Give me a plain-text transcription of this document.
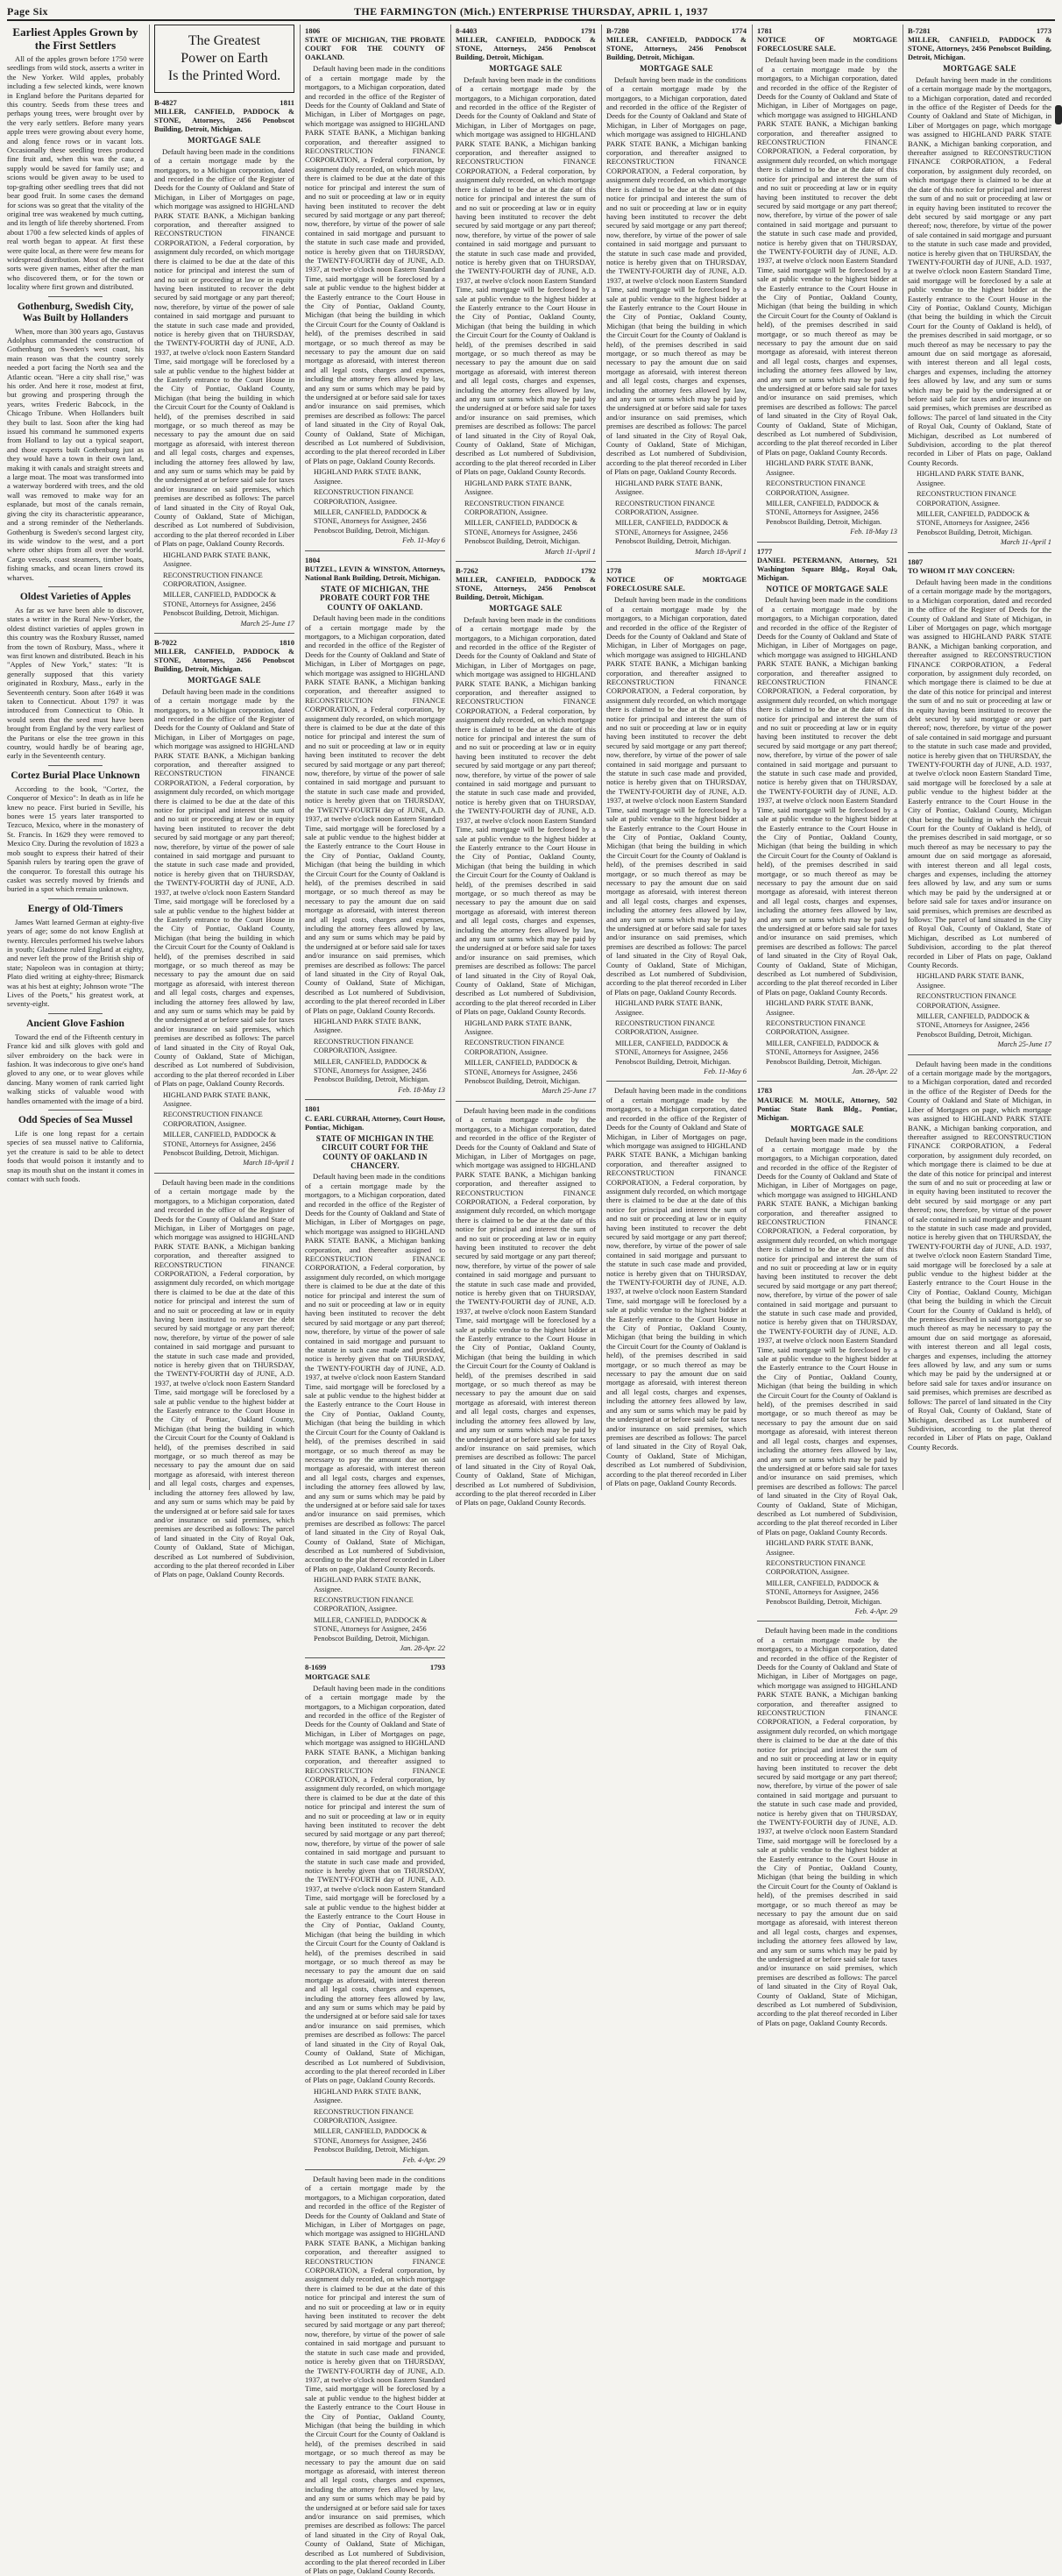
Page Six	THE FARMINGTON (Mich.) ENTERPRISE THURSDAY, APRIL 1, 1937
Earliest Apples Grown by the First Settlers
All of the apples grown before 1750 were seedlings from wild stock, asserts a writer in the New Yorker. Wild apples, probably including a few selected kinds, were known in England before the Puritans departed for this country. Seeds from these trees and perhaps young trees, were brought over by the very early settlers. Before many years apple trees were growing about every home, and along fence rows or in vacant lots. Occasionally these seedling trees produced fine fruit and, when this was the case, a supply would be saved for family use; and scions would be given away to be used to top-grafting other seedling trees that did not bear good fruit. In some cases the demand for scions was so great that the vitality of the original tree was weakened by much cutting, and its length of life thereby shortened. From about 1700 a few selected kinds of apples of real worth began to appear. At first these were quite local, as there were few means for widespread distribution. Most of the earliest sorts were given names, either after the man who discovered them, or for the town or locality where first grown and distributed.
Gothenburg, Swedish City, Was Built by Hollanders
When, more than 300 years ago, Gustavus Adolphus commanded the construction of Gothenburg on Sweden's west coast, his main reason was that the country sorely needed a port facing the North sea and the Atlantic ocean. "Here a city shall rise," was his order. And here it rose, modest at first, but growing and prospering through the years, writes Frederic Babcock, in the Chicago Tribune. When Hollanders built they built to last. Soon after the king had issued his command he summoned experts from Holland to lay out a typical seaport, and those experts built Gothenburg just as they would have a town in their own land, making it with canals and straight streets and a large moat. The moat was transformed into a waterway bordered with trees, and the old wall was removed to make way for an esplanade, but most of the canals remain, giving the city its characteristic appearance, and a strong reminder of the Netherlands. Gothenburg is Sweden's second largest city, its wide window to the west, and a port where other ships from all over the world. Cargo vessels, coast steamers, timber boats, fishing smacks, and ocean liners crowd its wharves.
Oldest Varieties of Apples
As far as we have been able to discover, states a writer in the Rural New-Yorker, the oldest distinct varieties of apples grown in this country was the Roxbury Russet, named from the town of Roxbury, Mass., where it was first known and distributed. Beach in his "Apples of New York," states: "It is generally supposed that this variety originated in Roxbury, Mass., early in the Seventeenth century. Soon after 1649 it was taken to Connecticut. About 1797 it was introduced from Connecticut to Ohio. It would seem that the seed must have been brought from England by the very earliest of the Puritans or else the tree grown in this country, would hardly be of bearing age, early in the Seventeenth century.
Cortez Burial Place Unknown
According to the book, "Cortez, the Conqueror of Mexico": In death as in life he knew no peace. First buried in Seville, his bones were 15 years later transported to Tezcuco, Mexico, where in the monastery of St. Francis. In 1629 they were removed to Mexico City. During the revolution of 1823 a mob sought to express their hatred of their Spanish rulers by tearing open the grave of the conqueror. To forestall this outrage his casket was secretly moved by friends and buried in a spot which remain unknown.
Energy of Old-Timers
James Watt learned German at eighty-five years of age; some do not know English at twenty. Hercules performed his twelve labors in youth; Gladstone ruled England at eighty, and never left the prow of the British ship of state; Napoleon was in contagion at thirty; Plato died writing at eighty-three; Bismarck was at his best at eighty; Johnson wrote "The Lives of the Poets," his greatest work, at seventy-eight.
Ancient Glove Fashion
Toward the end of the Fifteenth century in France kid and silk gloves with gold and silver embroidery on the back were in fashion. It was indecorous to give one's hand gloved to any one, or to wear gloves while dancing. Many women of rank carried light walking sticks of valuable wood with handles ornamented with the image of a bird.
Odd Species of Sea Mussel
Life is one long repast for a certain species of sea mussel native to California, yet the creature is said to be able to detect foods that would poison it instantly and to snap its mouth shut on the instant it comes in contact with such foods.
The Greatest
Power on Earth
Is the Printed Word.
B-4827	1811
MILLER, CANFIELD, PADDOCK & STONE, Attorneys, 2456 Penobscot Building, Detroit, Michigan.
MORTGAGE SALE
Default having been made in the conditions of a certain mortgage made by the mortgagors, to a Michigan corporation, dated and recorded in the office of the Register of Deeds for the County of Oakland and State of Michigan, in Liber of Mortgages on page, which mortgage was assigned to HIGHLAND PARK STATE BANK, a Michigan banking corporation, and thereafter assigned to RECONSTRUCTION FINANCE CORPORATION, a Federal corporation, by assignment duly recorded, on which mortgage there is claimed to be due at the date of this notice for principal and interest the sum of and no suit or proceeding at law or in equity having been instituted to recover the debt secured by said mortgage or any part thereof; now, therefore, by virtue of the power of sale contained in said mortgage and pursuant to the statute in such case made and provided, notice is hereby given that on THURSDAY, the TWENTY-FOURTH day of JUNE, A.D. 1937, at twelve o'clock noon Eastern Standard Time, said mortgage will be foreclosed by a sale at public vendue to the highest bidder at the Easterly entrance to the Court House in the City of Pontiac, Oakland County, Michigan (that being the building in which the Circuit Court for the County of Oakland is held), of the premises described in said mortgage, or so much thereof as may be necessary to pay the amount due on said mortgage as aforesaid, with interest thereon and all legal costs, charges and expenses, including the attorney fees allowed by law, and any sum or sums which may be paid by the undersigned at or before said sale for taxes and/or insurance on said premises, which premises are described as follows: The parcel of land situated in the City of Royal Oak, County of Oakland, State of Michigan, described as Lot numbered of Subdivision, according to the plat thereof recorded in Liber of Plats on page, Oakland County Records.
HIGHLAND PARK STATE BANK, Assignee.
RECONSTRUCTION FINANCE CORPORATION, Assignee.
MILLER, CANFIELD, PADDOCK & STONE, Attorneys for Assignee, 2456 Penobscot Building, Detroit, Michigan.
March 25-June 17
B-7022	1810
MILLER, CANFIELD, PADDOCK & STONE, Attorneys, 2456 Penobscot Building, Detroit, Michigan.
MORTGAGE SALE
Default having been made in the conditions of a certain mortgage made by the mortgagors, to a Michigan corporation, dated and recorded in the office of the Register of Deeds for the County of Oakland and State of Michigan, in Liber of Mortgages on page, which mortgage was assigned to HIGHLAND PARK STATE BANK, a Michigan banking corporation, and thereafter assigned to RECONSTRUCTION FINANCE CORPORATION, a Federal corporation, by assignment duly recorded, on which mortgage there is claimed to be due at the date of this notice for principal and interest the sum of and no suit or proceeding at law or in equity having been instituted to recover the debt secured by said mortgage or any part thereof; now, therefore, by virtue of the power of sale contained in said mortgage and pursuant to the statute in such case made and provided, notice is hereby given that on THURSDAY, the TWENTY-FOURTH day of JUNE, A.D. 1937, at twelve o'clock noon Eastern Standard Time, said mortgage will be foreclosed by a sale at public vendue to the highest bidder at the Easterly entrance to the Court House in the City of Pontiac, Oakland County, Michigan (that being the building in which the Circuit Court for the County of Oakland is held), of the premises described in said mortgage, or so much thereof as may be necessary to pay the amount due on said mortgage as aforesaid, with interest thereon and all legal costs, charges and expenses, including the attorney fees allowed by law, and any sum or sums which may be paid by the undersigned at or before said sale for taxes and/or insurance on said premises, which premises are described as follows: The parcel of land situated in the City of Royal Oak, County of Oakland, State of Michigan, described as Lot numbered of Subdivision, according to the plat thereof recorded in Liber of Plats on page, Oakland County Records.
HIGHLAND PARK STATE BANK, Assignee.
RECONSTRUCTION FINANCE CORPORATION, Assignee.
MILLER, CANFIELD, PADDOCK & STONE, Attorneys for Assignee, 2456 Penobscot Building, Detroit, Michigan.
March 18-April 1
Default having been made in the conditions of a certain mortgage made by the mortgagors, to a Michigan corporation, dated and recorded in the office of the Register of Deeds for the County of Oakland and State of Michigan, in Liber of Mortgages on page, which mortgage was assigned to HIGHLAND PARK STATE BANK, a Michigan banking corporation, and thereafter assigned to RECONSTRUCTION FINANCE CORPORATION, a Federal corporation, by assignment duly recorded, on which mortgage there is claimed to be due at the date of this notice for principal and interest the sum of and no suit or proceeding at law or in equity having been instituted to recover the debt secured by said mortgage or any part thereof; now, therefore, by virtue of the power of sale contained in said mortgage and pursuant to the statute in such case made and provided, notice is hereby given that on THURSDAY, the TWENTY-FOURTH day of JUNE, A.D. 1937, at twelve o'clock noon Eastern Standard Time, said mortgage will be foreclosed by a sale at public vendue to the highest bidder at the Easterly entrance to the Court House in the City of Pontiac, Oakland County, Michigan (that being the building in which the Circuit Court for the County of Oakland is held), of the premises described in said mortgage, or so much thereof as may be necessary to pay the amount due on said mortgage as aforesaid, with interest thereon and all legal costs, charges and expenses, including the attorney fees allowed by law, and any sum or sums which may be paid by the undersigned at or before said sale for taxes and/or insurance on said premises, which premises are described as follows: The parcel of land situated in the City of Royal Oak, County of Oakland, State of Michigan, described as Lot numbered of Subdivision, according to the plat thereof recorded in Liber of Plats on page, Oakland County Records.
1806
STATE OF MICHIGAN, THE PROBATE COURT FOR THE COUNTY OF OAKLAND.
Default having been made in the conditions of a certain mortgage made by the mortgagors, to a Michigan corporation, dated and recorded in the office of the Register of Deeds for the County of Oakland and State of Michigan, in Liber of Mortgages on page, which mortgage was assigned to HIGHLAND PARK STATE BANK, a Michigan banking corporation, and thereafter assigned to RECONSTRUCTION FINANCE CORPORATION, a Federal corporation, by assignment duly recorded, on which mortgage there is claimed to be due at the date of this notice for principal and interest the sum of and no suit or proceeding at law or in equity having been instituted to recover the debt secured by said mortgage or any part thereof; now, therefore, by virtue of the power of sale contained in said mortgage and pursuant to the statute in such case made and provided, notice is hereby given that on THURSDAY, the TWENTY-FOURTH day of JUNE, A.D. 1937, at twelve o'clock noon Eastern Standard Time, said mortgage will be foreclosed by a sale at public vendue to the highest bidder at the Easterly entrance to the Court House in the City of Pontiac, Oakland County, Michigan (that being the building in which the Circuit Court for the County of Oakland is held), of the premises described in said mortgage, or so much thereof as may be necessary to pay the amount due on said mortgage as aforesaid, with interest thereon and all legal costs, charges and expenses, including the attorney fees allowed by law, and any sum or sums which may be paid by the undersigned at or before said sale for taxes and/or insurance on said premises, which premises are described as follows: The parcel of land situated in the City of Royal Oak, County of Oakland, State of Michigan, described as Lot numbered of Subdivision, according to the plat thereof recorded in Liber of Plats on page, Oakland County Records.
HIGHLAND PARK STATE BANK, Assignee.
RECONSTRUCTION FINANCE CORPORATION, Assignee.
MILLER, CANFIELD, PADDOCK & STONE, Attorneys for Assignee, 2456 Penobscot Building, Detroit, Michigan.
Feb. 11-May 6
1804
BUTZEL, LEVIN & WINSTON, Attorneys, National Bank Building, Detroit, Michigan.
STATE OF MICHIGAN, THE PROBATE COURT FOR THE COUNTY OF OAKLAND.
Default having been made in the conditions of a certain mortgage made by the mortgagors, to a Michigan corporation, dated and recorded in the office of the Register of Deeds for the County of Oakland and State of Michigan, in Liber of Mortgages on page, which mortgage was assigned to HIGHLAND PARK STATE BANK, a Michigan banking corporation, and thereafter assigned to RECONSTRUCTION FINANCE CORPORATION, a Federal corporation, by assignment duly recorded, on which mortgage there is claimed to be due at the date of this notice for principal and interest the sum of and no suit or proceeding at law or in equity having been instituted to recover the debt secured by said mortgage or any part thereof; now, therefore, by virtue of the power of sale contained in said mortgage and pursuant to the statute in such case made and provided, notice is hereby given that on THURSDAY, the TWENTY-FOURTH day of JUNE, A.D. 1937, at twelve o'clock noon Eastern Standard Time, said mortgage will be foreclosed by a sale at public vendue to the highest bidder at the Easterly entrance to the Court House in the City of Pontiac, Oakland County, Michigan (that being the building in which the Circuit Court for the County of Oakland is held), of the premises described in said mortgage, or so much thereof as may be necessary to pay the amount due on said mortgage as aforesaid, with interest thereon and all legal costs, charges and expenses, including the attorney fees allowed by law, and any sum or sums which may be paid by the undersigned at or before said sale for taxes and/or insurance on said premises, which premises are described as follows: The parcel of land situated in the City of Royal Oak, County of Oakland, State of Michigan, described as Lot numbered of Subdivision, according to the plat thereof recorded in Liber of Plats on page, Oakland County Records.
HIGHLAND PARK STATE BANK, Assignee.
RECONSTRUCTION FINANCE CORPORATION, Assignee.
MILLER, CANFIELD, PADDOCK & STONE, Attorneys for Assignee, 2456 Penobscot Building, Detroit, Michigan.
Feb. 18-May 13
1801
C. EARL CURRAH, Attorney, Court House, Pontiac, Michigan.
STATE OF MICHIGAN IN THE CIRCUIT COURT FOR THE COUNTY OF OAKLAND IN CHANCERY.
Default having been made in the conditions of a certain mortgage made by the mortgagors, to a Michigan corporation, dated and recorded in the office of the Register of Deeds for the County of Oakland and State of Michigan, in Liber of Mortgages on page, which mortgage was assigned to HIGHLAND PARK STATE BANK, a Michigan banking corporation, and thereafter assigned to RECONSTRUCTION FINANCE CORPORATION, a Federal corporation, by assignment duly recorded, on which mortgage there is claimed to be due at the date of this notice for principal and interest the sum of and no suit or proceeding at law or in equity having been instituted to recover the debt secured by said mortgage or any part thereof; now, therefore, by virtue of the power of sale contained in said mortgage and pursuant to the statute in such case made and provided, notice is hereby given that on THURSDAY, the TWENTY-FOURTH day of JUNE, A.D. 1937, at twelve o'clock noon Eastern Standard Time, said mortgage will be foreclosed by a sale at public vendue to the highest bidder at the Easterly entrance to the Court House in the City of Pontiac, Oakland County, Michigan (that being the building in which the Circuit Court for the County of Oakland is held), of the premises described in said mortgage, or so much thereof as may be necessary to pay the amount due on said mortgage as aforesaid, with interest thereon and all legal costs, charges and expenses, including the attorney fees allowed by law, and any sum or sums which may be paid by the undersigned at or before said sale for taxes and/or insurance on said premises, which premises are described as follows: The parcel of land situated in the City of Royal Oak, County of Oakland, State of Michigan, described as Lot numbered of Subdivision, according to the plat thereof recorded in Liber of Plats on page, Oakland County Records.
HIGHLAND PARK STATE BANK, Assignee.
RECONSTRUCTION FINANCE CORPORATION, Assignee.
MILLER, CANFIELD, PADDOCK & STONE, Attorneys for Assignee, 2456 Penobscot Building, Detroit, Michigan.
Jan. 28-Apr. 22
8-1699	1793
MORTGAGE SALE
Default having been made in the conditions of a certain mortgage made by the mortgagors, to a Michigan corporation, dated and recorded in the office of the Register of Deeds for the County of Oakland and State of Michigan, in Liber of Mortgages on page, which mortgage was assigned to HIGHLAND PARK STATE BANK, a Michigan banking corporation, and thereafter assigned to RECONSTRUCTION FINANCE CORPORATION, a Federal corporation, by assignment duly recorded, on which mortgage there is claimed to be due at the date of this notice for principal and interest the sum of and no suit or proceeding at law or in equity having been instituted to recover the debt secured by said mortgage or any part thereof; now, therefore, by virtue of the power of sale contained in said mortgage and pursuant to the statute in such case made and provided, notice is hereby given that on THURSDAY, the TWENTY-FOURTH day of JUNE, A.D. 1937, at twelve o'clock noon Eastern Standard Time, said mortgage will be foreclosed by a sale at public vendue to the highest bidder at the Easterly entrance to the Court House in the City of Pontiac, Oakland County, Michigan (that being the building in which the Circuit Court for the County of Oakland is held), of the premises described in said mortgage, or so much thereof as may be necessary to pay the amount due on said mortgage as aforesaid, with interest thereon and all legal costs, charges and expenses, including the attorney fees allowed by law, and any sum or sums which may be paid by the undersigned at or before said sale for taxes and/or insurance on said premises, which premises are described as follows: The parcel of land situated in the City of Royal Oak, County of Oakland, State of Michigan, described as Lot numbered of Subdivision, according to the plat thereof recorded in Liber of Plats on page, Oakland County Records.
HIGHLAND PARK STATE BANK, Assignee.
RECONSTRUCTION FINANCE CORPORATION, Assignee.
MILLER, CANFIELD, PADDOCK & STONE, Attorneys for Assignee, 2456 Penobscot Building, Detroit, Michigan.
Feb. 4-Apr. 29
Default having been made in the conditions of a certain mortgage made by the mortgagors, to a Michigan corporation, dated and recorded in the office of the Register of Deeds for the County of Oakland and State of Michigan, in Liber of Mortgages on page, which mortgage was assigned to HIGHLAND PARK STATE BANK, a Michigan banking corporation, and thereafter assigned to RECONSTRUCTION FINANCE CORPORATION, a Federal corporation, by assignment duly recorded, on which mortgage there is claimed to be due at the date of this notice for principal and interest the sum of and no suit or proceeding at law or in equity having been instituted to recover the debt secured by said mortgage or any part thereof; now, therefore, by virtue of the power of sale contained in said mortgage and pursuant to the statute in such case made and provided, notice is hereby given that on THURSDAY, the TWENTY-FOURTH day of JUNE, A.D. 1937, at twelve o'clock noon Eastern Standard Time, said mortgage will be foreclosed by a sale at public vendue to the highest bidder at the Easterly entrance to the Court House in the City of Pontiac, Oakland County, Michigan (that being the building in which the Circuit Court for the County of Oakland is held), of the premises described in said mortgage, or so much thereof as may be necessary to pay the amount due on said mortgage as aforesaid, with interest thereon and all legal costs, charges and expenses, including the attorney fees allowed by law, and any sum or sums which may be paid by the undersigned at or before said sale for taxes and/or insurance on said premises, which premises are described as follows: The parcel of land situated in the City of Royal Oak, County of Oakland, State of Michigan, described as Lot numbered of Subdivision, according to the plat thereof recorded in Liber of Plats on page, Oakland County Records.
8-4403	1791
MILLER, CANFIELD, PADDOCK & STONE, Attorneys, 2456 Penobscot Building, Detroit, Michigan.
MORTGAGE SALE
Default having been made in the conditions of a certain mortgage made by the mortgagors, to a Michigan corporation, dated and recorded in the office of the Register of Deeds for the County of Oakland and State of Michigan, in Liber of Mortgages on page, which mortgage was assigned to HIGHLAND PARK STATE BANK, a Michigan banking corporation, and thereafter assigned to RECONSTRUCTION FINANCE CORPORATION, a Federal corporation, by assignment duly recorded, on which mortgage there is claimed to be due at the date of this notice for principal and interest the sum of and no suit or proceeding at law or in equity having been instituted to recover the debt secured by said mortgage or any part thereof; now, therefore, by virtue of the power of sale contained in said mortgage and pursuant to the statute in such case made and provided, notice is hereby given that on THURSDAY, the TWENTY-FOURTH day of JUNE, A.D. 1937, at twelve o'clock noon Eastern Standard Time, said mortgage will be foreclosed by a sale at public vendue to the highest bidder at the Easterly entrance to the Court House in the City of Pontiac, Oakland County, Michigan (that being the building in which the Circuit Court for the County of Oakland is held), of the premises described in said mortgage, or so much thereof as may be necessary to pay the amount due on said mortgage as aforesaid, with interest thereon and all legal costs, charges and expenses, including the attorney fees allowed by law, and any sum or sums which may be paid by the undersigned at or before said sale for taxes and/or insurance on said premises, which premises are described as follows: The parcel of land situated in the City of Royal Oak, County of Oakland, State of Michigan, described as Lot numbered of Subdivision, according to the plat thereof recorded in Liber of Plats on page, Oakland County Records.
HIGHLAND PARK STATE BANK, Assignee.
RECONSTRUCTION FINANCE CORPORATION, Assignee.
MILLER, CANFIELD, PADDOCK & STONE, Attorneys for Assignee, 2456 Penobscot Building, Detroit, Michigan.
March 11-April 1
B-7262	1792
MILLER, CANFIELD, PADDOCK & STONE, Attorneys, 2456 Penobscot Building, Detroit, Michigan.
MORTGAGE SALE
Default having been made in the conditions of a certain mortgage made by the mortgagors, to a Michigan corporation, dated and recorded in the office of the Register of Deeds for the County of Oakland and State of Michigan, in Liber of Mortgages on page, which mortgage was assigned to HIGHLAND PARK STATE BANK, a Michigan banking corporation, and thereafter assigned to RECONSTRUCTION FINANCE CORPORATION, a Federal corporation, by assignment duly recorded, on which mortgage there is claimed to be due at the date of this notice for principal and interest the sum of and no suit or proceeding at law or in equity having been instituted to recover the debt secured by said mortgage or any part thereof; now, therefore, by virtue of the power of sale contained in said mortgage and pursuant to the statute in such case made and provided, notice is hereby given that on THURSDAY, the TWENTY-FOURTH day of JUNE, A.D. 1937, at twelve o'clock noon Eastern Standard Time, said mortgage will be foreclosed by a sale at public vendue to the highest bidder at the Easterly entrance to the Court House in the City of Pontiac, Oakland County, Michigan (that being the building in which the Circuit Court for the County of Oakland is held), of the premises described in said mortgage, or so much thereof as may be necessary to pay the amount due on said mortgage as aforesaid, with interest thereon and all legal costs, charges and expenses, including the attorney fees allowed by law, and any sum or sums which may be paid by the undersigned at or before said sale for taxes and/or insurance on said premises, which premises are described as follows: The parcel of land situated in the City of Royal Oak, County of Oakland, State of Michigan, described as Lot numbered of Subdivision, according to the plat thereof recorded in Liber of Plats on page, Oakland County Records.
HIGHLAND PARK STATE BANK, Assignee.
RECONSTRUCTION FINANCE CORPORATION, Assignee.
MILLER, CANFIELD, PADDOCK & STONE, Attorneys for Assignee, 2456 Penobscot Building, Detroit, Michigan.
March 25-June 17
Default having been made in the conditions of a certain mortgage made by the mortgagors, to a Michigan corporation, dated and recorded in the office of the Register of Deeds for the County of Oakland and State of Michigan, in Liber of Mortgages on page, which mortgage was assigned to HIGHLAND PARK STATE BANK, a Michigan banking corporation, and thereafter assigned to RECONSTRUCTION FINANCE CORPORATION, a Federal corporation, by assignment duly recorded, on which mortgage there is claimed to be due at the date of this notice for principal and interest the sum of and no suit or proceeding at law or in equity having been instituted to recover the debt secured by said mortgage or any part thereof; now, therefore, by virtue of the power of sale contained in said mortgage and pursuant to the statute in such case made and provided, notice is hereby given that on THURSDAY, the TWENTY-FOURTH day of JUNE, A.D. 1937, at twelve o'clock noon Eastern Standard Time, said mortgage will be foreclosed by a sale at public vendue to the highest bidder at the Easterly entrance to the Court House in the City of Pontiac, Oakland County, Michigan (that being the building in which the Circuit Court for the County of Oakland is held), of the premises described in said mortgage, or so much thereof as may be necessary to pay the amount due on said mortgage as aforesaid, with interest thereon and all legal costs, charges and expenses, including the attorney fees allowed by law, and any sum or sums which may be paid by the undersigned at or before said sale for taxes and/or insurance on said premises, which premises are described as follows: The parcel of land situated in the City of Royal Oak, County of Oakland, State of Michigan, described as Lot numbered of Subdivision, according to the plat thereof recorded in Liber of Plats on page, Oakland County Records.
B-7280	1774
MILLER, CANFIELD, PADDOCK & STONE, Attorneys, 2456 Penobscot Building, Detroit, Michigan.
MORTGAGE SALE
Default having been made in the conditions of a certain mortgage made by the mortgagors, to a Michigan corporation, dated and recorded in the office of the Register of Deeds for the County of Oakland and State of Michigan, in Liber of Mortgages on page, which mortgage was assigned to HIGHLAND PARK STATE BANK, a Michigan banking corporation, and thereafter assigned to RECONSTRUCTION FINANCE CORPORATION, a Federal corporation, by assignment duly recorded, on which mortgage there is claimed to be due at the date of this notice for principal and interest the sum of and no suit or proceeding at law or in equity having been instituted to recover the debt secured by said mortgage or any part thereof; now, therefore, by virtue of the power of sale contained in said mortgage and pursuant to the statute in such case made and provided, notice is hereby given that on THURSDAY, the TWENTY-FOURTH day of JUNE, A.D. 1937, at twelve o'clock noon Eastern Standard Time, said mortgage will be foreclosed by a sale at public vendue to the highest bidder at the Easterly entrance to the Court House in the City of Pontiac, Oakland County, Michigan (that being the building in which the Circuit Court for the County of Oakland is held), of the premises described in said mortgage, or so much thereof as may be necessary to pay the amount due on said mortgage as aforesaid, with interest thereon and all legal costs, charges and expenses, including the attorney fees allowed by law, and any sum or sums which may be paid by the undersigned at or before said sale for taxes and/or insurance on said premises, which premises are described as follows: The parcel of land situated in the City of Royal Oak, County of Oakland, State of Michigan, described as Lot numbered of Subdivision, according to the plat thereof recorded in Liber of Plats on page, Oakland County Records.
HIGHLAND PARK STATE BANK, Assignee.
RECONSTRUCTION FINANCE CORPORATION, Assignee.
MILLER, CANFIELD, PADDOCK & STONE, Attorneys for Assignee, 2456 Penobscot Building, Detroit, Michigan.
March 18-April 1
1778
NOTICE OF MORTGAGE FORECLOSURE SALE.
Default having been made in the conditions of a certain mortgage made by the mortgagors, to a Michigan corporation, dated and recorded in the office of the Register of Deeds for the County of Oakland and State of Michigan, in Liber of Mortgages on page, which mortgage was assigned to HIGHLAND PARK STATE BANK, a Michigan banking corporation, and thereafter assigned to RECONSTRUCTION FINANCE CORPORATION, a Federal corporation, by assignment duly recorded, on which mortgage there is claimed to be due at the date of this notice for principal and interest the sum of and no suit or proceeding at law or in equity having been instituted to recover the debt secured by said mortgage or any part thereof; now, therefore, by virtue of the power of sale contained in said mortgage and pursuant to the statute in such case made and provided, notice is hereby given that on THURSDAY, the TWENTY-FOURTH day of JUNE, A.D. 1937, at twelve o'clock noon Eastern Standard Time, said mortgage will be foreclosed by a sale at public vendue to the highest bidder at the Easterly entrance to the Court House in the City of Pontiac, Oakland County, Michigan (that being the building in which the Circuit Court for the County of Oakland is held), of the premises described in said mortgage, or so much thereof as may be necessary to pay the amount due on said mortgage as aforesaid, with interest thereon and all legal costs, charges and expenses, including the attorney fees allowed by law, and any sum or sums which may be paid by the undersigned at or before said sale for taxes and/or insurance on said premises, which premises are described as follows: The parcel of land situated in the City of Royal Oak, County of Oakland, State of Michigan, described as Lot numbered of Subdivision, according to the plat thereof recorded in Liber of Plats on page, Oakland County Records.
HIGHLAND PARK STATE BANK, Assignee.
RECONSTRUCTION FINANCE CORPORATION, Assignee.
MILLER, CANFIELD, PADDOCK & STONE, Attorneys for Assignee, 2456 Penobscot Building, Detroit, Michigan.
Feb. 11-May 6
Default having been made in the conditions of a certain mortgage made by the mortgagors, to a Michigan corporation, dated and recorded in the office of the Register of Deeds for the County of Oakland and State of Michigan, in Liber of Mortgages on page, which mortgage was assigned to HIGHLAND PARK STATE BANK, a Michigan banking corporation, and thereafter assigned to RECONSTRUCTION FINANCE CORPORATION, a Federal corporation, by assignment duly recorded, on which mortgage there is claimed to be due at the date of this notice for principal and interest the sum of and no suit or proceeding at law or in equity having been instituted to recover the debt secured by said mortgage or any part thereof; now, therefore, by virtue of the power of sale contained in said mortgage and pursuant to the statute in such case made and provided, notice is hereby given that on THURSDAY, the TWENTY-FOURTH day of JUNE, A.D. 1937, at twelve o'clock noon Eastern Standard Time, said mortgage will be foreclosed by a sale at public vendue to the highest bidder at the Easterly entrance to the Court House in the City of Pontiac, Oakland County, Michigan (that being the building in which the Circuit Court for the County of Oakland is held), of the premises described in said mortgage, or so much thereof as may be necessary to pay the amount due on said mortgage as aforesaid, with interest thereon and all legal costs, charges and expenses, including the attorney fees allowed by law, and any sum or sums which may be paid by the undersigned at or before said sale for taxes and/or insurance on said premises, which premises are described as follows: The parcel of land situated in the City of Royal Oak, County of Oakland, State of Michigan, described as Lot numbered of Subdivision, according to the plat thereof recorded in Liber of Plats on page, Oakland County Records.
1781
NOTICE OF MORTGAGE FORECLOSURE SALE.
Default having been made in the conditions of a certain mortgage made by the mortgagors, to a Michigan corporation, dated and recorded in the office of the Register of Deeds for the County of Oakland and State of Michigan, in Liber of Mortgages on page, which mortgage was assigned to HIGHLAND PARK STATE BANK, a Michigan banking corporation, and thereafter assigned to RECONSTRUCTION FINANCE CORPORATION, a Federal corporation, by assignment duly recorded, on which mortgage there is claimed to be due at the date of this notice for principal and interest the sum of and no suit or proceeding at law or in equity having been instituted to recover the debt secured by said mortgage or any part thereof; now, therefore, by virtue of the power of sale contained in said mortgage and pursuant to the statute in such case made and provided, notice is hereby given that on THURSDAY, the TWENTY-FOURTH day of JUNE, A.D. 1937, at twelve o'clock noon Eastern Standard Time, said mortgage will be foreclosed by a sale at public vendue to the highest bidder at the Easterly entrance to the Court House in the City of Pontiac, Oakland County, Michigan (that being the building in which the Circuit Court for the County of Oakland is held), of the premises described in said mortgage, or so much thereof as may be necessary to pay the amount due on said mortgage as aforesaid, with interest thereon and all legal costs, charges and expenses, including the attorney fees allowed by law, and any sum or sums which may be paid by the undersigned at or before said sale for taxes and/or insurance on said premises, which premises are described as follows: The parcel of land situated in the City of Royal Oak, County of Oakland, State of Michigan, described as Lot numbered of Subdivision, according to the plat thereof recorded in Liber of Plats on page, Oakland County Records.
HIGHLAND PARK STATE BANK, Assignee.
RECONSTRUCTION FINANCE CORPORATION, Assignee.
MILLER, CANFIELD, PADDOCK & STONE, Attorneys for Assignee, 2456 Penobscot Building, Detroit, Michigan.
Feb. 18-May 13
1777
DANIEL PETERMANN, Attorney, 521 Washington Square Bldg., Royal Oak, Michigan.
NOTICE OF MORTGAGE SALE
Default having been made in the conditions of a certain mortgage made by the mortgagors, to a Michigan corporation, dated and recorded in the office of the Register of Deeds for the County of Oakland and State of Michigan, in Liber of Mortgages on page, which mortgage was assigned to HIGHLAND PARK STATE BANK, a Michigan banking corporation, and thereafter assigned to RECONSTRUCTION FINANCE CORPORATION, a Federal corporation, by assignment duly recorded, on which mortgage there is claimed to be due at the date of this notice for principal and interest the sum of and no suit or proceeding at law or in equity having been instituted to recover the debt secured by said mortgage or any part thereof; now, therefore, by virtue of the power of sale contained in said mortgage and pursuant to the statute in such case made and provided, notice is hereby given that on THURSDAY, the TWENTY-FOURTH day of JUNE, A.D. 1937, at twelve o'clock noon Eastern Standard Time, said mortgage will be foreclosed by a sale at public vendue to the highest bidder at the Easterly entrance to the Court House in the City of Pontiac, Oakland County, Michigan (that being the building in which the Circuit Court for the County of Oakland is held), of the premises described in said mortgage, or so much thereof as may be necessary to pay the amount due on said mortgage as aforesaid, with interest thereon and all legal costs, charges and expenses, including the attorney fees allowed by law, and any sum or sums which may be paid by the undersigned at or before said sale for taxes and/or insurance on said premises, which premises are described as follows: The parcel of land situated in the City of Royal Oak, County of Oakland, State of Michigan, described as Lot numbered of Subdivision, according to the plat thereof recorded in Liber of Plats on page, Oakland County Records.
HIGHLAND PARK STATE BANK, Assignee.
RECONSTRUCTION FINANCE CORPORATION, Assignee.
MILLER, CANFIELD, PADDOCK & STONE, Attorneys for Assignee, 2456 Penobscot Building, Detroit, Michigan.
Jan. 28-Apr. 22
1783
MAURICE M. MOULE, Attorney, 502 Pontiac State Bank Bldg., Pontiac, Michigan.
MORTGAGE SALE
Default having been made in the conditions of a certain mortgage made by the mortgagors, to a Michigan corporation, dated and recorded in the office of the Register of Deeds for the County of Oakland and State of Michigan, in Liber of Mortgages on page, which mortgage was assigned to HIGHLAND PARK STATE BANK, a Michigan banking corporation, and thereafter assigned to RECONSTRUCTION FINANCE CORPORATION, a Federal corporation, by assignment duly recorded, on which mortgage there is claimed to be due at the date of this notice for principal and interest the sum of and no suit or proceeding at law or in equity having been instituted to recover the debt secured by said mortgage or any part thereof; now, therefore, by virtue of the power of sale contained in said mortgage and pursuant to the statute in such case made and provided, notice is hereby given that on THURSDAY, the TWENTY-FOURTH day of JUNE, A.D. 1937, at twelve o'clock noon Eastern Standard Time, said mortgage will be foreclosed by a sale at public vendue to the highest bidder at the Easterly entrance to the Court House in the City of Pontiac, Oakland County, Michigan (that being the building in which the Circuit Court for the County of Oakland is held), of the premises described in said mortgage, or so much thereof as may be necessary to pay the amount due on said mortgage as aforesaid, with interest thereon and all legal costs, charges and expenses, including the attorney fees allowed by law, and any sum or sums which may be paid by the undersigned at or before said sale for taxes and/or insurance on said premises, which premises are described as follows: The parcel of land situated in the City of Royal Oak, County of Oakland, State of Michigan, described as Lot numbered of Subdivision, according to the plat thereof recorded in Liber of Plats on page, Oakland County Records.
HIGHLAND PARK STATE BANK, Assignee.
RECONSTRUCTION FINANCE CORPORATION, Assignee.
MILLER, CANFIELD, PADDOCK & STONE, Attorneys for Assignee, 2456 Penobscot Building, Detroit, Michigan.
Feb. 4-Apr. 29
Default having been made in the conditions of a certain mortgage made by the mortgagors, to a Michigan corporation, dated and recorded in the office of the Register of Deeds for the County of Oakland and State of Michigan, in Liber of Mortgages on page, which mortgage was assigned to HIGHLAND PARK STATE BANK, a Michigan banking corporation, and thereafter assigned to RECONSTRUCTION FINANCE CORPORATION, a Federal corporation, by assignment duly recorded, on which mortgage there is claimed to be due at the date of this notice for principal and interest the sum of and no suit or proceeding at law or in equity having been instituted to recover the debt secured by said mortgage or any part thereof; now, therefore, by virtue of the power of sale contained in said mortgage and pursuant to the statute in such case made and provided, notice is hereby given that on THURSDAY, the TWENTY-FOURTH day of JUNE, A.D. 1937, at twelve o'clock noon Eastern Standard Time, said mortgage will be foreclosed by a sale at public vendue to the highest bidder at the Easterly entrance to the Court House in the City of Pontiac, Oakland County, Michigan (that being the building in which the Circuit Court for the County of Oakland is held), of the premises described in said mortgage, or so much thereof as may be necessary to pay the amount due on said mortgage as aforesaid, with interest thereon and all legal costs, charges and expenses, including the attorney fees allowed by law, and any sum or sums which may be paid by the undersigned at or before said sale for taxes and/or insurance on said premises, which premises are described as follows: The parcel of land situated in the City of Royal Oak, County of Oakland, State of Michigan, described as Lot numbered of Subdivision, according to the plat thereof recorded in Liber of Plats on page, Oakland County Records.
B-7281	1773
MILLER, CANFIELD, PADDOCK & STONE, Attorneys, 2456 Penobscot Building, Detroit, Michigan.
MORTGAGE SALE
Default having been made in the conditions of a certain mortgage made by the mortgagors, to a Michigan corporation, dated and recorded in the office of the Register of Deeds for the County of Oakland and State of Michigan, in Liber of Mortgages on page, which mortgage was assigned to HIGHLAND PARK STATE BANK, a Michigan banking corporation, and thereafter assigned to RECONSTRUCTION FINANCE CORPORATION, a Federal corporation, by assignment duly recorded, on which mortgage there is claimed to be due at the date of this notice for principal and interest the sum of and no suit or proceeding at law or in equity having been instituted to recover the debt secured by said mortgage or any part thereof; now, therefore, by virtue of the power of sale contained in said mortgage and pursuant to the statute in such case made and provided, notice is hereby given that on THURSDAY, the TWENTY-FOURTH day of JUNE, A.D. 1937, at twelve o'clock noon Eastern Standard Time, said mortgage will be foreclosed by a sale at public vendue to the highest bidder at the Easterly entrance to the Court House in the City of Pontiac, Oakland County, Michigan (that being the building in which the Circuit Court for the County of Oakland is held), of the premises described in said mortgage, or so much thereof as may be necessary to pay the amount due on said mortgage as aforesaid, with interest thereon and all legal costs, charges and expenses, including the attorney fees allowed by law, and any sum or sums which may be paid by the undersigned at or before said sale for taxes and/or insurance on said premises, which premises are described as follows: The parcel of land situated in the City of Royal Oak, County of Oakland, State of Michigan, described as Lot numbered of Subdivision, according to the plat thereof recorded in Liber of Plats on page, Oakland County Records.
HIGHLAND PARK STATE BANK, Assignee.
RECONSTRUCTION FINANCE CORPORATION, Assignee.
MILLER, CANFIELD, PADDOCK & STONE, Attorneys for Assignee, 2456 Penobscot Building, Detroit, Michigan.
March 11-April 1
1807
TO WHOM IT MAY CONCERN:
Default having been made in the conditions of a certain mortgage made by the mortgagors, to a Michigan corporation, dated and recorded in the office of the Register of Deeds for the County of Oakland and State of Michigan, in Liber of Mortgages on page, which mortgage was assigned to HIGHLAND PARK STATE BANK, a Michigan banking corporation, and thereafter assigned to RECONSTRUCTION FINANCE CORPORATION, a Federal corporation, by assignment duly recorded, on which mortgage there is claimed to be due at the date of this notice for principal and interest the sum of and no suit or proceeding at law or in equity having been instituted to recover the debt secured by said mortgage or any part thereof; now, therefore, by virtue of the power of sale contained in said mortgage and pursuant to the statute in such case made and provided, notice is hereby given that on THURSDAY, the TWENTY-FOURTH day of JUNE, A.D. 1937, at twelve o'clock noon Eastern Standard Time, said mortgage will be foreclosed by a sale at public vendue to the highest bidder at the Easterly entrance to the Court House in the City of Pontiac, Oakland County, Michigan (that being the building in which the Circuit Court for the County of Oakland is held), of the premises described in said mortgage, or so much thereof as may be necessary to pay the amount due on said mortgage as aforesaid, with interest thereon and all legal costs, charges and expenses, including the attorney fees allowed by law, and any sum or sums which may be paid by the undersigned at or before said sale for taxes and/or insurance on said premises, which premises are described as follows: The parcel of land situated in the City of Royal Oak, County of Oakland, State of Michigan, described as Lot numbered of Subdivision, according to the plat thereof recorded in Liber of Plats on page, Oakland County Records.
HIGHLAND PARK STATE BANK, Assignee.
RECONSTRUCTION FINANCE CORPORATION, Assignee.
MILLER, CANFIELD, PADDOCK & STONE, Attorneys for Assignee, 2456 Penobscot Building, Detroit, Michigan.
March 25-June 17
Default having been made in the conditions of a certain mortgage made by the mortgagors, to a Michigan corporation, dated and recorded in the office of the Register of Deeds for the County of Oakland and State of Michigan, in Liber of Mortgages on page, which mortgage was assigned to HIGHLAND PARK STATE BANK, a Michigan banking corporation, and thereafter assigned to RECONSTRUCTION FINANCE CORPORATION, a Federal corporation, by assignment duly recorded, on which mortgage there is claimed to be due at the date of this notice for principal and interest the sum of and no suit or proceeding at law or in equity having been instituted to recover the debt secured by said mortgage or any part thereof; now, therefore, by virtue of the power of sale contained in said mortgage and pursuant to the statute in such case made and provided, notice is hereby given that on THURSDAY, the TWENTY-FOURTH day of JUNE, A.D. 1937, at twelve o'clock noon Eastern Standard Time, said mortgage will be foreclosed by a sale at public vendue to the highest bidder at the Easterly entrance to the Court House in the City of Pontiac, Oakland County, Michigan (that being the building in which the Circuit Court for the County of Oakland is held), of the premises described in said mortgage, or so much thereof as may be necessary to pay the amount due on said mortgage as aforesaid, with interest thereon and all legal costs, charges and expenses, including the attorney fees allowed by law, and any sum or sums which may be paid by the undersigned at or before said sale for taxes and/or insurance on said premises, which premises are described as follows: The parcel of land situated in the City of Royal Oak, County of Oakland, State of Michigan, described as Lot numbered of Subdivision, according to the plat thereof recorded in Liber of Plats on page, Oakland County Records.
